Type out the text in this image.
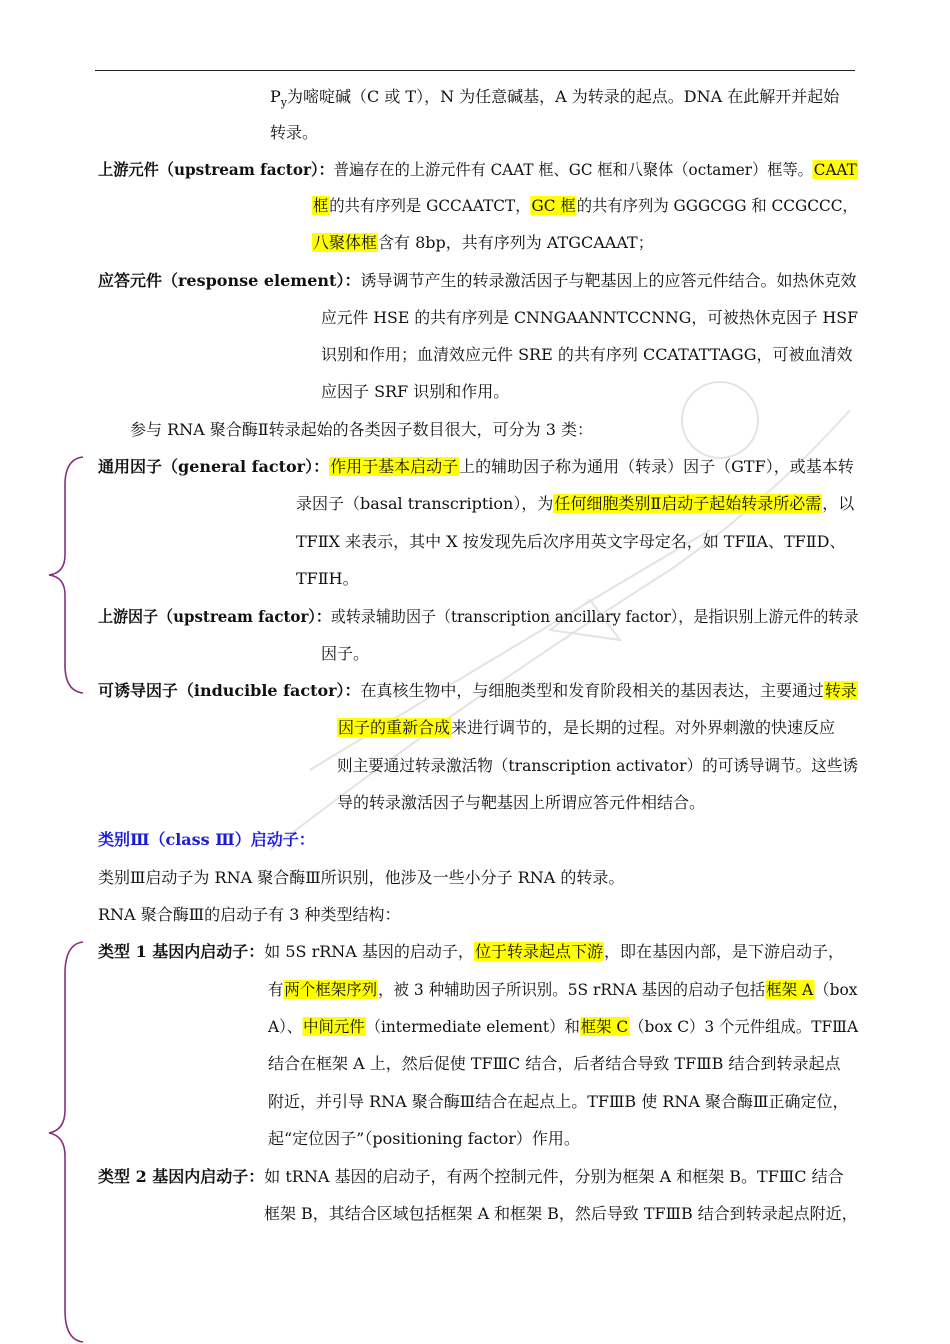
$P_y$为嘧啶碱（C 或 T），N 为任意碱基，A 为转录的起点。DNA 在此解开并起始
转录。
上游元件（upstream factor）：普遍存在的上游元件有 CAAT 框、GC 框和八聚体（octamer）框等。CAAT
框的共有序列是 GCCAATCT，GC 框的共有序列为 GGGCGG 和 CCGCCC，
八聚体框含有 8bp，共有序列为 ATGCAAAT；
应答元件（response element）：诱导调节产生的转录激活因子与靶基因上的应答元件结合。如热休克效
应元件 HSE 的共有序列是 CNNGAANNTCCNNG，可被热休克因子 HSF
识别和作用；血清效应元件 SRE 的共有序列 CCATATTAGG，可被血清效
应因子 SRF 识别和作用。
参与 RNA 聚合酶Ⅱ转录起始的各类因子数目很大，可分为 3 类：
通用因子（general factor）：作用于基本启动子上的辅助因子称为通用（转录）因子（GTF），或基本转
录因子（basal transcription），为任何细胞类别Ⅱ启动子起始转录所必需，以
TFⅡX 来表示，其中 X 按发现先后次序用英文字母定名，如 TFⅡA、TFⅡD、
TFⅡH。
上游因子（upstream factor）：或转录辅助因子（transcription ancillary factor），是指识别上游元件的转录
因子。
可诱导因子（inducible factor）：在真核生物中，与细胞类型和发育阶段相关的基因表达，主要通过转录
因子的重新合成来进行调节的，是长期的过程。对外界刺激的快速反应
则主要通过转录激活物（transcription activator）的可诱导调节。这些诱
导的转录激活因子与靶基因上所谓应答元件相结合。
类别Ⅲ（class Ⅲ）启动子：
类别Ⅲ启动子为 RNA 聚合酶Ⅲ所识别，他涉及一些小分子 RNA 的转录。
RNA 聚合酶Ⅲ的启动子有 3 种类型结构：
类型 1 基因内启动子：如 5S rRNA 基因的启动子，位于转录起点下游，即在基因内部，是下游启动子，
有两个框架序列，被 3 种辅助因子所识别。5S rRNA 基因的启动子包括框架 A（box
A）、中间元件（intermediate element）和框架 C（box C）3 个元件组成。TFⅢA
结合在框架 A 上，然后促使 TFⅢC 结合，后者结合导致 TFⅢB 结合到转录起点
附近，并引导 RNA 聚合酶Ⅲ结合在起点上。TFⅢB 使 RNA 聚合酶Ⅲ正确定位，
起“定位因子”（positioning factor）作用。
类型 2 基因内启动子：如 tRNA 基因的启动子，有两个控制元件，分别为框架 A 和框架 B。TFⅢC 结合
框架 B，其结合区域包括框架 A 和框架 B，然后导致 TFⅢB 结合到转录起点附近，
